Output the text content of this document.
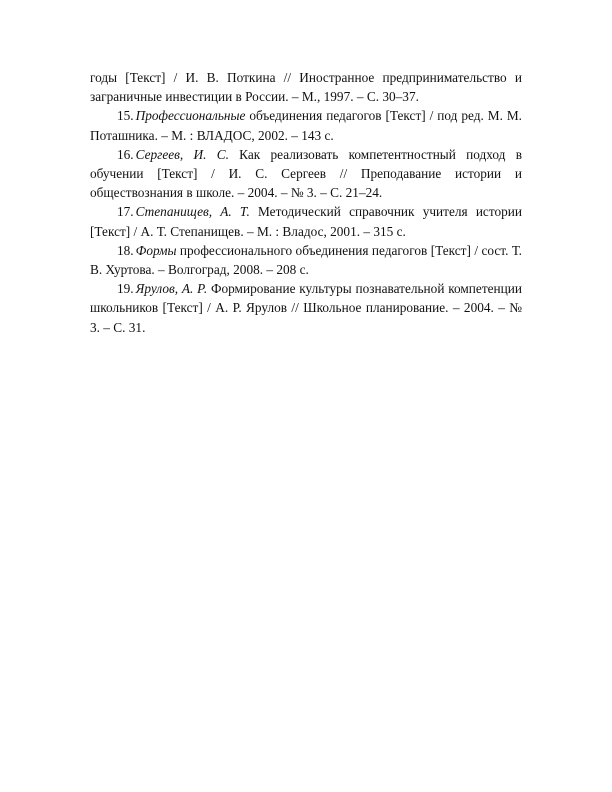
годы [Текст] / И. В. Поткина // Иностранное предпринимательство и заграничные инвестиции в России. – М., 1997. – С. 30–37.

15. Профессиональные объединения педагогов [Текст] / под ред. М. М. Поташника. – М. : ВЛАДОС, 2002. – 143 с.

16. Сергеев, И. С. Как реализовать компетентностный подход в обучении [Текст] / И. С. Сергеев // Преподавание истории и обществознания в школе. – 2004. – № 3. – С. 21–24.

17. Степанищев, А. Т. Методический справочник учителя истории [Текст] / А. Т. Степанищев. – М. : Владос, 2001. – 315 с.

18. Формы профессионального объединения педагогов [Текст] / сост. Т. В. Хуртова. – Волгоград, 2008. – 208 с.

19. Ярулов, А. Р. Формирование культуры познавательной компетенции школьников [Текст] / А. Р. Ярулов // Школьное планирование. – 2004. – № 3. – С. 31.
